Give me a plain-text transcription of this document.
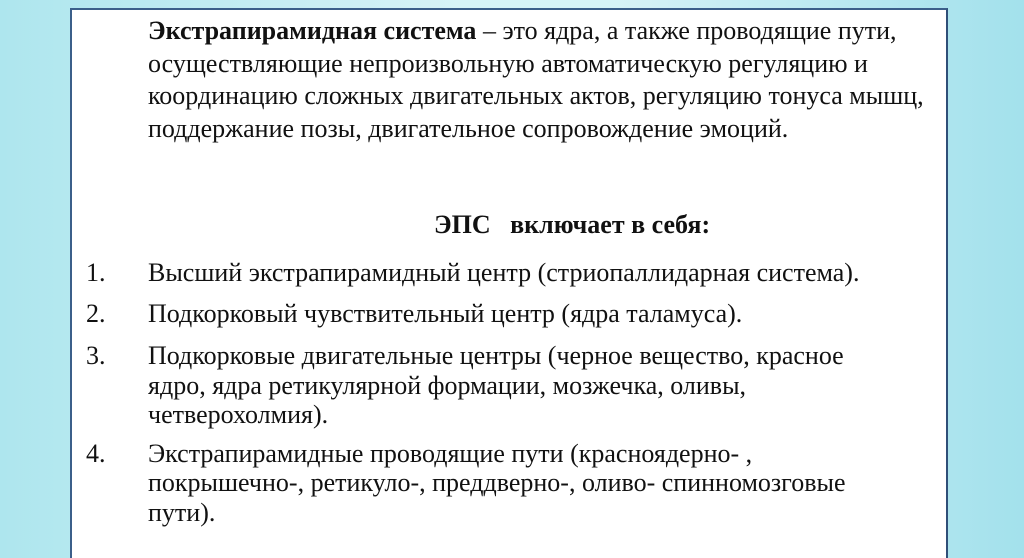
Экстрапирамидная система – это ядра, а также проводящие пути, осуществляющие непроизвольную автоматическую регуляцию и координацию сложных двигательных актов, регуляцию тонуса мышц, поддержание позы, двигательное сопровождение эмоций.

ЭПС   включает в себя:

1. Высший экстрапирамидный центр (стриопаллидарная система).
2. Подкорковый чувствительный центр (ядра таламуса).
3. Подкорковые двигательные центры (черное вещество, красное ядро, ядра ретикулярной формации, мозжечка, оливы, четверохолмия).
4. Экстрапирамидные проводящие пути (красноядерно- , покрышечно-, ретикуло-, преддверно-, оливо- спинномозговые пути).
